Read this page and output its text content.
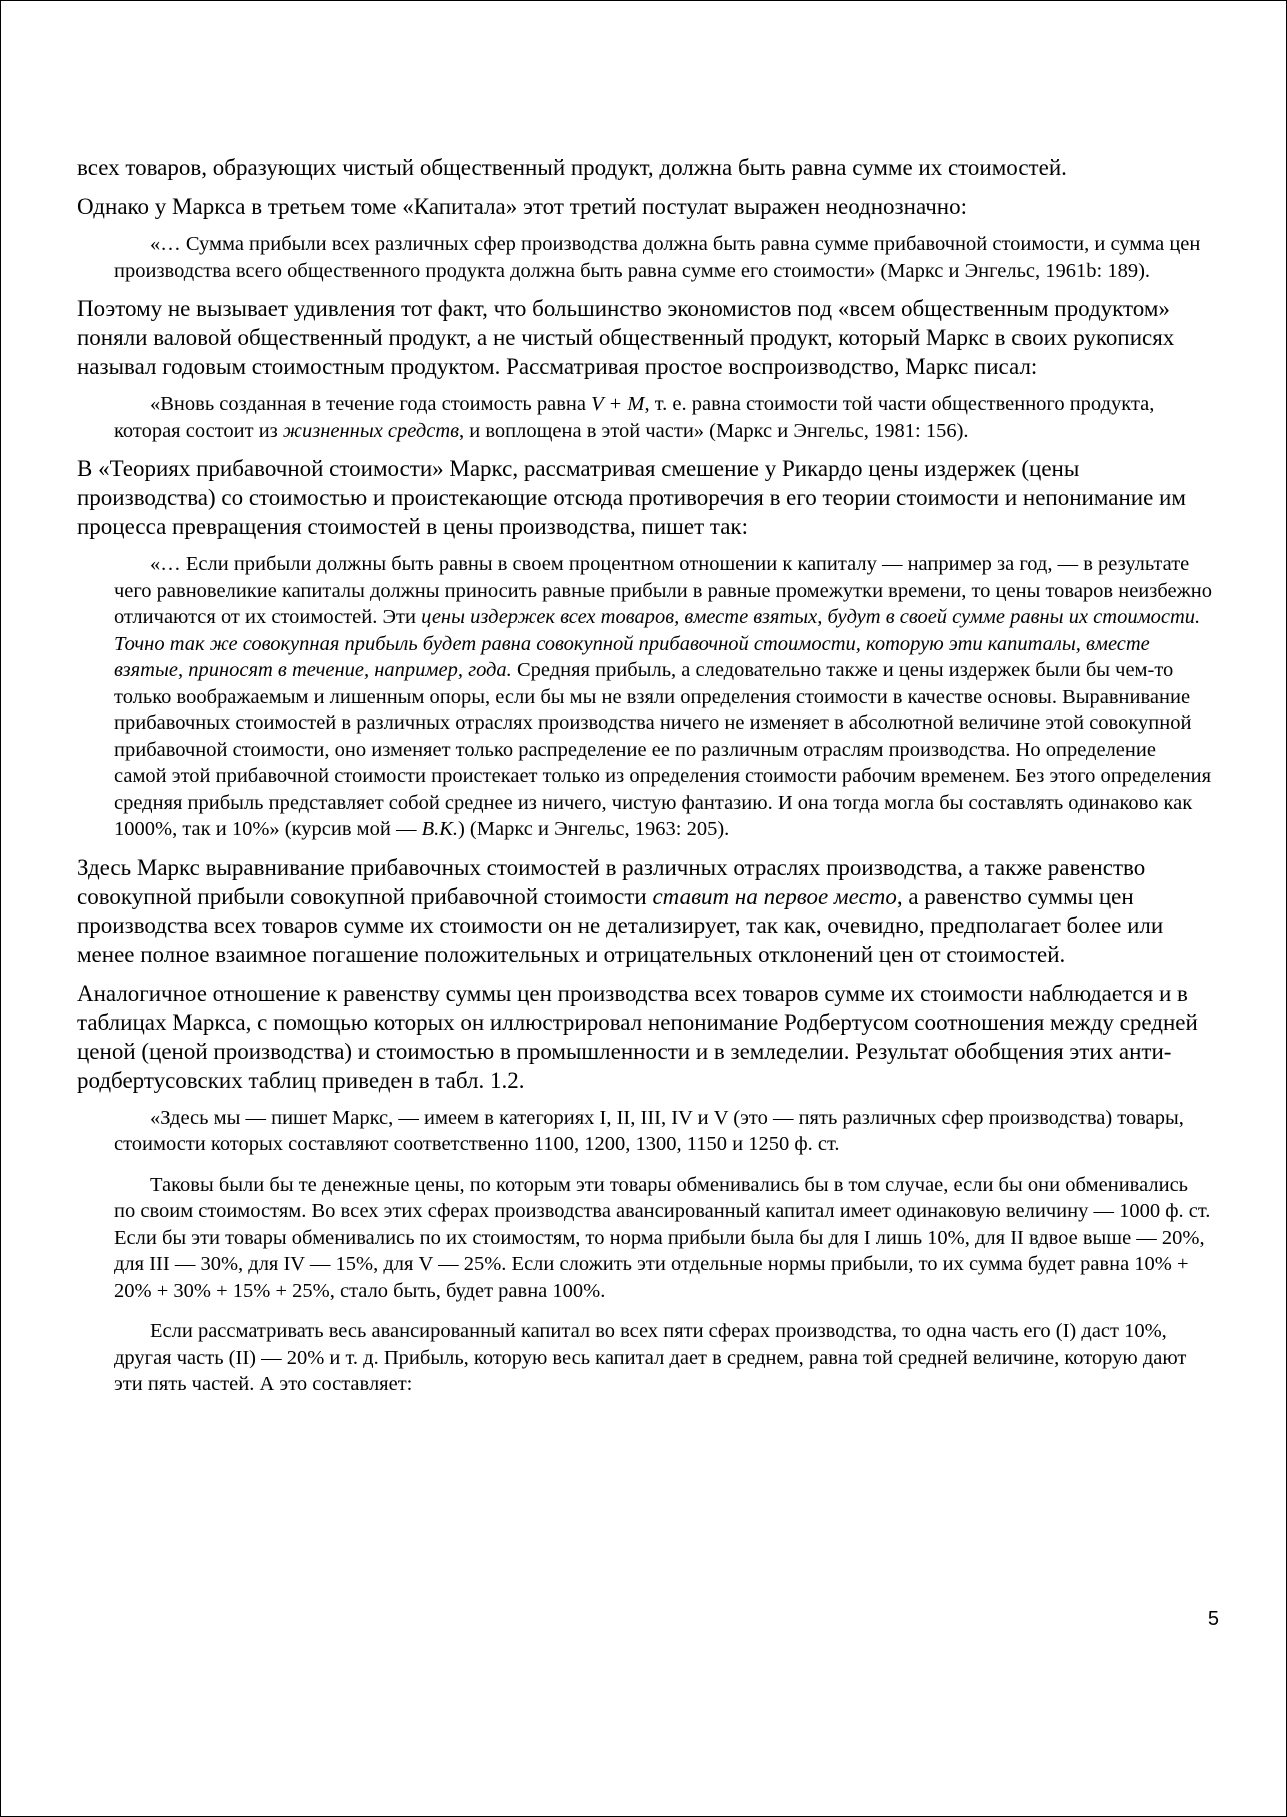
всех товаров, образующих чистый общественный продукт, должна быть равна сумме их стоимостей.

Однако у Маркса в третьем томе «Капитала» этот третий постулат выражен неоднозначно:

«… Сумма прибыли всех различных сфер производства должна быть равна сумме прибавочной стоимости, и сумма цен производства всего общественного продукта должна быть равна сумме его стоимости» (Маркс и Энгельс, 1961b: 189).

Поэтому не вызывает удивления тот факт, что большинство экономистов под «всем общественным продуктом» поняли валовой общественный продукт, а не чистый общественный продукт, который Маркс в своих рукописях называл годовым стоимостным продуктом. Рассматривая простое воспроизводство, Маркс писал:

«Вновь созданная в течение года стоимость равна V + M, т. е. равна стоимости той части общественного продукта, которая состоит из жизненных средств, и воплощена в этой части» (Маркс и Энгельс, 1981: 156).

В «Теориях прибавочной стоимости» Маркс, рассматривая смешение у Рикардо цены издержек (цены производства) со стоимостью и проистекающие отсюда противоречия в его теории стоимости и непонимание им процесса превращения стоимостей в цены производства, пишет так:

«… Если прибыли должны быть равны в своем процентном отношении к капиталу — например за год, — в результате чего равновеликие капиталы должны приносить равные прибыли в равные промежутки времени, то цены товаров неизбежно отличаются от их стоимостей. Эти цены издержек всех товаров, вместе взятых, будут в своей сумме равны их стоимости. Точно так же совокупная прибыль будет равна совокупной прибавочной стоимости, которую эти капиталы, вместе взятые, приносят в течение, например, года. Средняя прибыль, а следовательно также и цены издержек были бы чем-то только воображаемым и лишенным опоры, если бы мы не взяли определения стоимости в качестве основы. Выравнивание прибавочных стоимостей в различных отраслях производства ничего не изменяет в абсолютной величине этой совокупной прибавочной стоимости, оно изменяет только распределение ее по различным отраслям производства. Но определение самой этой прибавочной стоимости проистекает только из определения стоимости рабочим временем. Без этого определения средняя прибыль представляет собой среднее из ничего, чистую фантазию. И она тогда могла бы составлять одинаково как 1000%, так и 10%» (курсив мой — В.К.) (Маркс и Энгельс, 1963: 205).

Здесь Маркс выравнивание прибавочных стоимостей в различных отраслях производства, а также равенство совокупной прибыли совокупной прибавочной стоимости ставит на первое место, а равенство суммы цен производства всех товаров сумме их стоимости он не детализирует, так как, очевидно, предполагает более или менее полное взаимное погашение положительных и отрицательных отклонений цен от стоимостей.

Аналогичное отношение к равенству суммы цен производства всех товаров сумме их стоимости наблюдается и в таблицах Маркса, с помощью которых он иллюстрировал непонимание Родбертусом соотношения между средней ценой (ценой производства) и стоимостью в промышленности и в земледелии. Результат обобщения этих анти-родбертусовских таблиц приведен в табл. 1.2.

«Здесь мы — пишет Маркс, — имеем в категориях I, II, III, IV и V (это — пять различных сфер производства) товары, стоимости которых составляют соответственно 1100, 1200, 1300, 1150 и 1250 ф. ст.

Таковы были бы те денежные цены, по которым эти товары обменивались бы в том случае, если бы они обменивались по своим стоимостям. Во всех этих сферах производства авансированный капитал имеет одинаковую величину — 1000 ф. ст. Если бы эти товары обменивались по их стоимостям, то норма прибыли была бы для I лишь 10%, для II вдвое выше — 20%, для III — 30%, для IV — 15%, для V — 25%. Если сложить эти отдельные нормы прибыли, то их сумма будет равна 10% + 20% + 30% + 15% + 25%, стало быть, будет равна 100%.

Если рассматривать весь авансированный капитал во всех пяти сферах производства, то одна часть его (I) даст 10%, другая часть (II) — 20% и т. д. Прибыль, которую весь капитал дает в среднем, равна той средней величине, которую дают эти пять частей. А это составляет:

5
